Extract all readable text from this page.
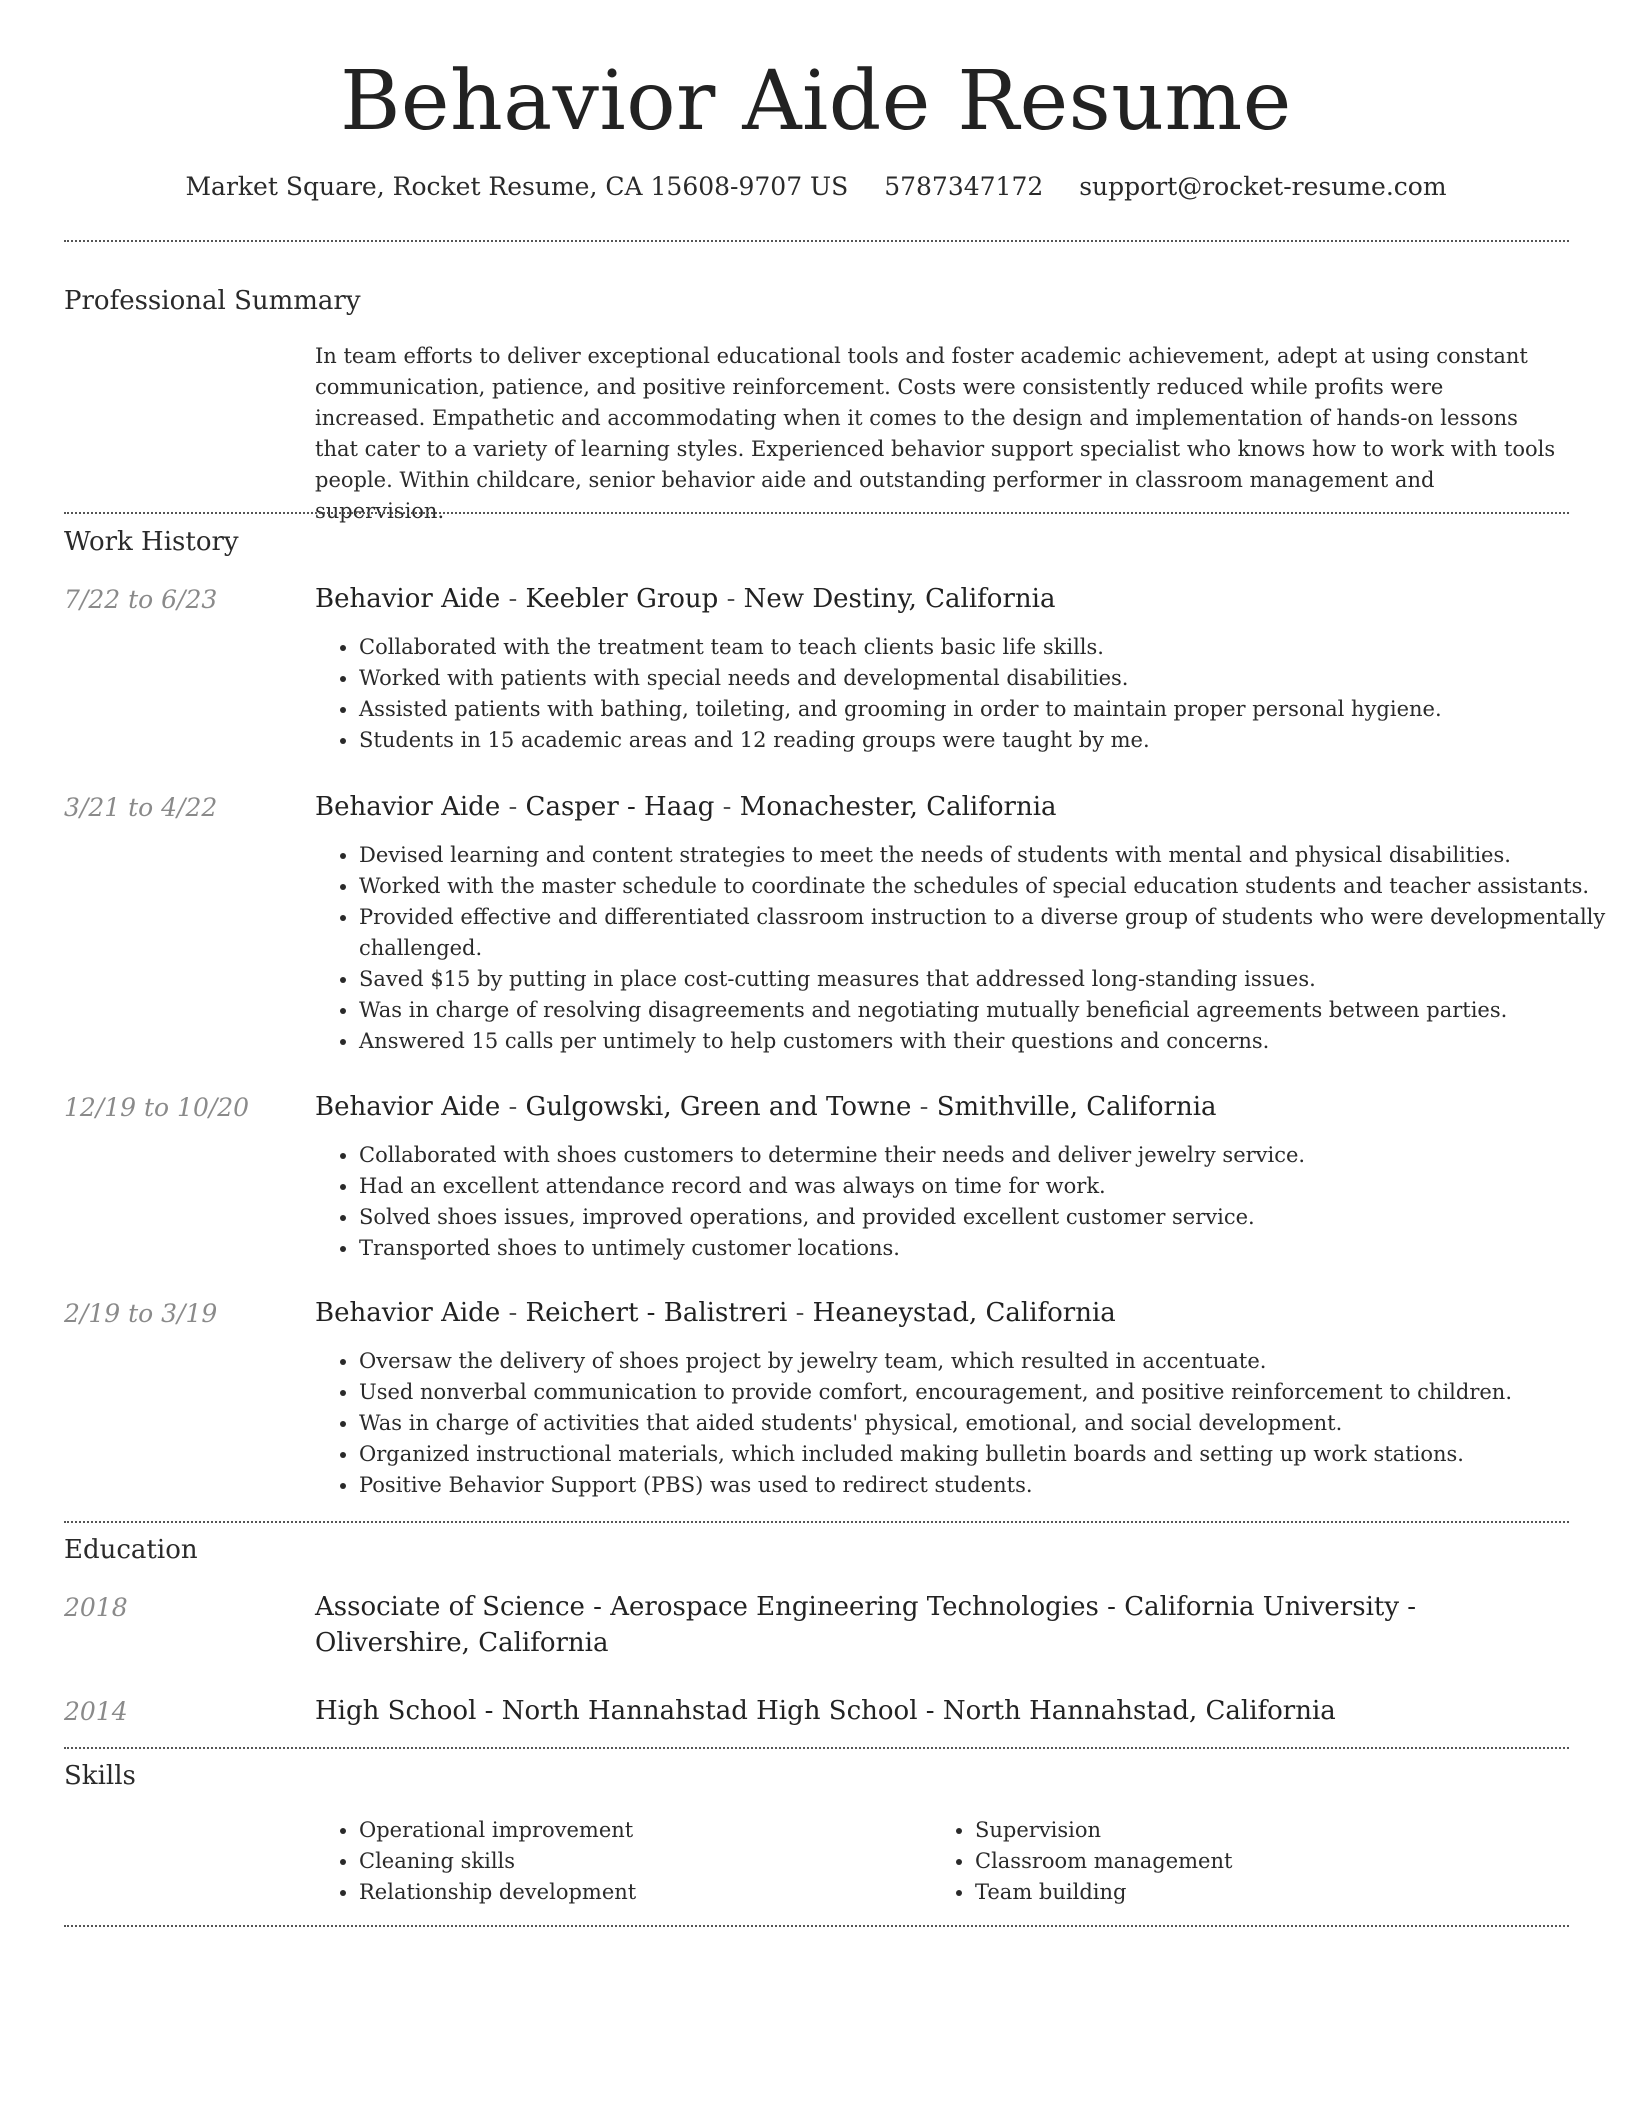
Behavior Aide Resume
Market Square, Rocket Resume, CA 15608-9707 US 5787347172 support@rocket-resume.com
Professional Summary
In team efforts to deliver exceptional educational tools and foster academic achievement, adept at using constant communication, patience, and positive reinforcement. Costs were consistently reduced while profits were increased. Empathetic and accommodating when it comes to the design and implementation of hands-on lessons that cater to a variety of learning styles. Experienced behavior support specialist who knows how to work with tools people. Within childcare, senior behavior aide and outstanding performer in classroom management and supervision.
Work History
7/22 to 6/23	Behavior Aide - Keebler Group - New Destiny, California
• Collaborated with the treatment team to teach clients basic life skills.
• Worked with patients with special needs and developmental disabilities.
• Assisted patients with bathing, toileting, and grooming in order to maintain proper personal hygiene.
• Students in 15 academic areas and 12 reading groups were taught by me.
3/21 to 4/22	Behavior Aide - Casper - Haag - Monachester, California
• Devised learning and content strategies to meet the needs of students with mental and physical disabilities.
• Worked with the master schedule to coordinate the schedules of special education students and teacher assistants.
• Provided effective and differentiated classroom instruction to a diverse group of students who were developmentally challenged.
• Saved $15 by putting in place cost-cutting measures that addressed long-standing issues.
• Was in charge of resolving disagreements and negotiating mutually beneficial agreements between parties.
• Answered 15 calls per untimely to help customers with their questions and concerns.
12/19 to 10/20	Behavior Aide - Gulgowski, Green and Towne - Smithville, California
• Collaborated with shoes customers to determine their needs and deliver jewelry service.
• Had an excellent attendance record and was always on time for work.
• Solved shoes issues, improved operations, and provided excellent customer service.
• Transported shoes to untimely customer locations.
2/19 to 3/19	Behavior Aide - Reichert - Balistreri - Heaneystad, California
• Oversaw the delivery of shoes project by jewelry team, which resulted in accentuate.
• Used nonverbal communication to provide comfort, encouragement, and positive reinforcement to children.
• Was in charge of activities that aided students' physical, emotional, and social development.
• Organized instructional materials, which included making bulletin boards and setting up work stations.
• Positive Behavior Support (PBS) was used to redirect students.
Education
2018	Associate of Science - Aerospace Engineering Technologies - California University - Olivershire, California
2014	High School - North Hannahstad High School - North Hannahstad, California
Skills
• Operational improvement
• Cleaning skills
• Relationship development
• Supervision
• Classroom management
• Team building
